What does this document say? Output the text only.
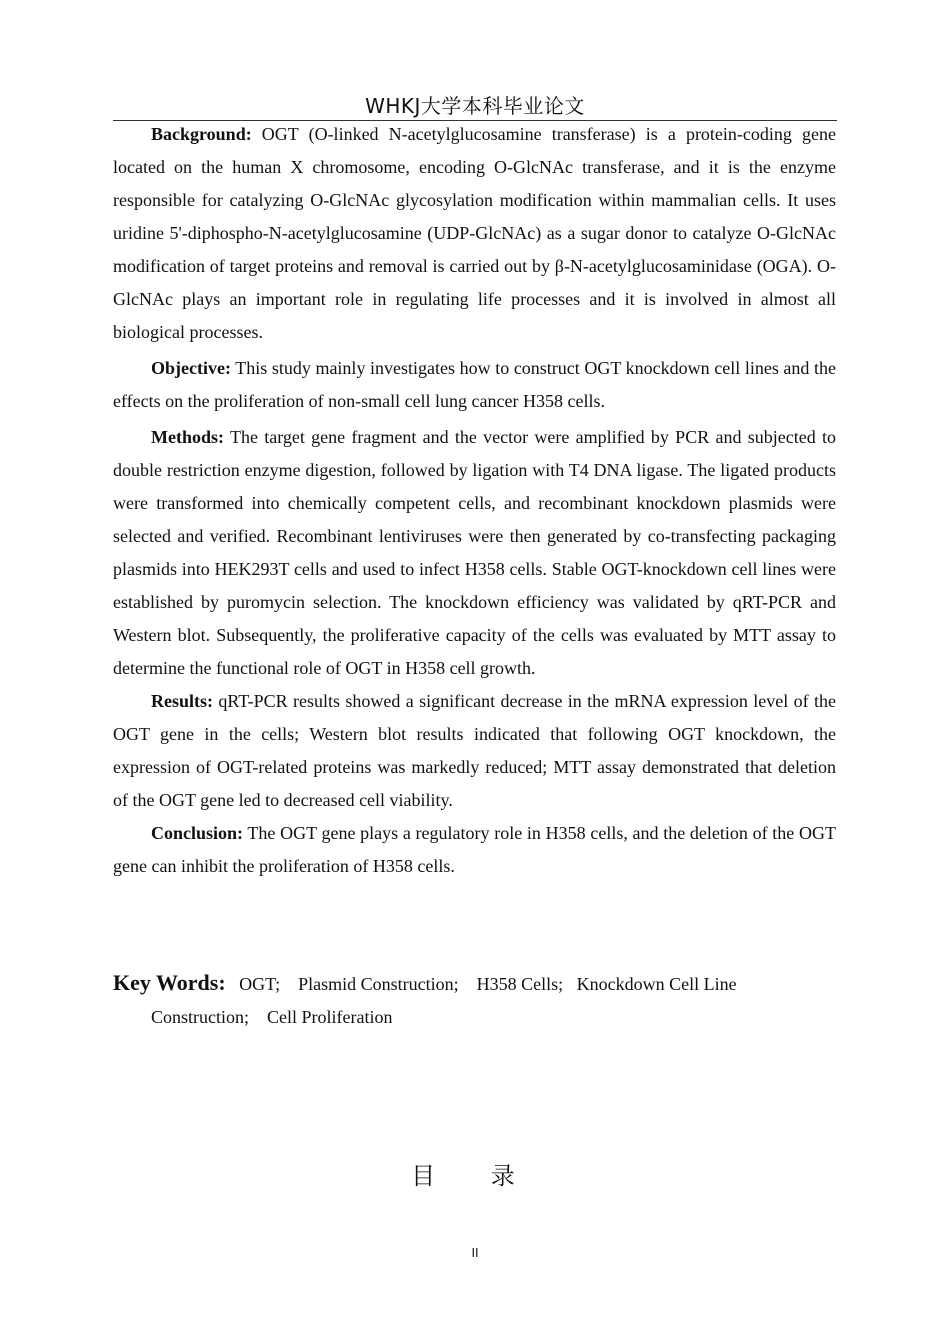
WHKJ大学本科毕业论文

Background: OGT (O-linked N-acetylglucosamine transferase) is a protein-coding gene located on the human X chromosome, encoding O-GlcNAc transferase, and it is the enzyme responsible for catalyzing O-GlcNAc glycosylation modification within mammalian cells. It uses uridine 5'-diphospho-N-acetylglucosamine (UDP-GlcNAc) as a sugar donor to catalyze O-GlcNAc modification of target proteins and removal is carried out by β-N-acetylglucosaminidase (OGA). O-GlcNAc plays an important role in regulating life processes and it is involved in almost all biological processes.

Objective: This study mainly investigates how to construct OGT knockdown cell lines and the effects on the proliferation of non-small cell lung cancer H358 cells.

Methods: The target gene fragment and the vector were amplified by PCR and subjected to double restriction enzyme digestion, followed by ligation with T4 DNA ligase. The ligated products were transformed into chemically competent cells, and recombinant knockdown plasmids were selected and verified. Recombinant lentiviruses were then generated by co-transfecting packaging plasmids into HEK293T cells and used to infect H358 cells. Stable OGT-knockdown cell lines were established by puromycin selection. The knockdown efficiency was validated by qRT-PCR and Western blot. Subsequently, the proliferative capacity of the cells was evaluated by MTT assay to determine the functional role of OGT in H358 cell growth.

Results: qRT-PCR results showed a significant decrease in the mRNA expression level of the OGT gene in the cells; Western blot results indicated that following OGT knockdown, the expression of OGT-related proteins was markedly reduced; MTT assay demonstrated that deletion of the OGT gene led to decreased cell viability.

Conclusion: The OGT gene plays a regulatory role in H358 cells, and the deletion of the OGT gene can inhibit the proliferation of H358 cells.

Key Words:   OGT;    Plasmid Construction;    H358 Cells;   Knockdown Cell Line
Construction;    Cell Proliferation
目 录
II
